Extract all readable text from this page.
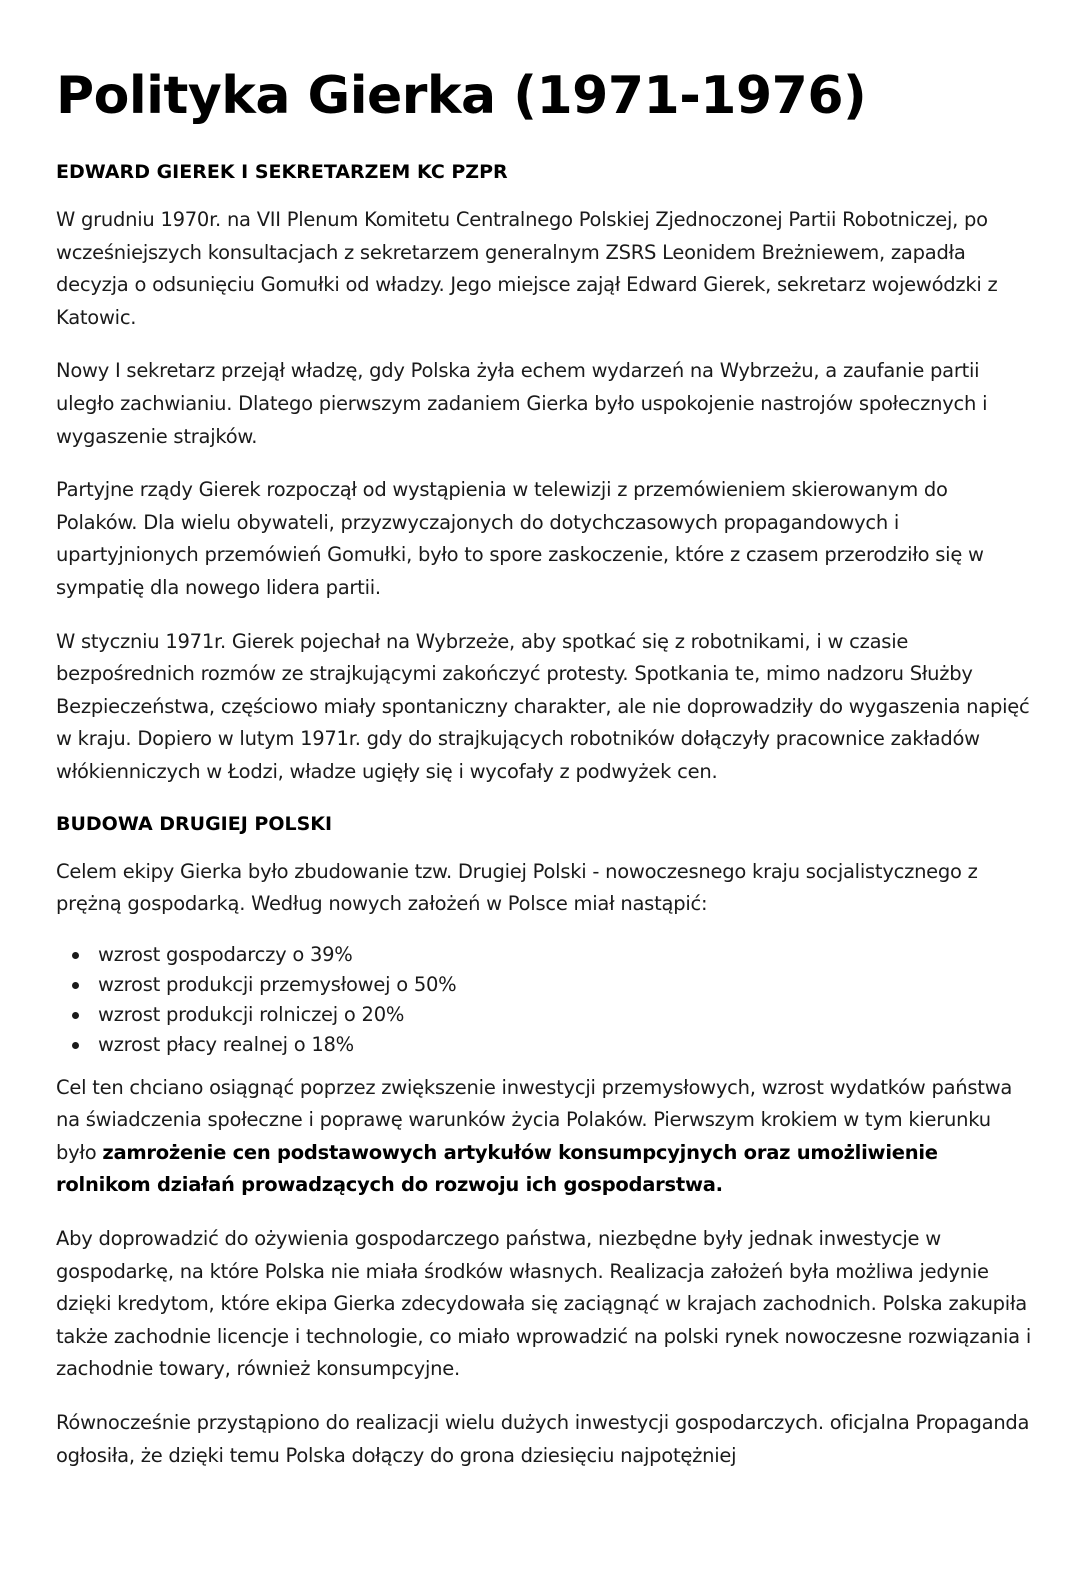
Polityka Gierka (1971-1976)
EDWARD GIEREK I SEKRETARZEM KC PZPR

W grudniu 1970r. na VII Plenum Komitetu Centralnego Polskiej Zjednoczonej Partii Robotniczej, po wcześniejszych konsultacjach z sekretarzem generalnym ZSRS Leonidem Breżniewem, zapadła decyzja o odsunięciu Gomułki od władzy. Jego miejsce zajął Edward Gierek, sekretarz wojewódzki z Katowic.

Nowy I sekretarz przejął władzę, gdy Polska żyła echem wydarzeń na Wybrzeżu, a zaufanie partii uległo zachwianiu. Dlatego pierwszym zadaniem Gierka było uspokojenie nastrojów społecznych i wygaszenie strajków.

Partyjne rządy Gierek rozpoczął od wystąpienia w telewizji z przemówieniem skierowanym do Polaków. Dla wielu obywateli, przyzwyczajonych do dotychczasowych propagandowych i upartyjnionych przemówień Gomułki, było to spore zaskoczenie, które z czasem przerodziło się w sympatię dla nowego lidera partii.

W styczniu 1971r. Gierek pojechał na Wybrzeże, aby spotkać się z robotnikami, i w czasie bezpośrednich rozmów ze strajkującymi zakończyć protesty. Spotkania te, mimo nadzoru Służby Bezpieczeństwa, częściowo miały spontaniczny charakter, ale nie doprowadziły do wygaszenia napięć w kraju. Dopiero w lutym 1971r. gdy do strajkujących robotników dołączyły pracownice zakładów włókienniczych w Łodzi, władze ugięły się i wycofały z podwyżek cen.

BUDOWA DRUGIEJ POLSKI

Celem ekipy Gierka było zbudowanie tzw. Drugiej Polski - nowoczesnego kraju socjalistycznego z prężną gospodarką. Według nowych założeń w Polsce miał nastąpić:

wzrost gospodarczy o 39%
wzrost produkcji przemysłowej o 50%
wzrost produkcji rolniczej o 20%
wzrost płacy realnej o 18%

Cel ten chciano osiągnąć poprzez zwiększenie inwestycji przemysłowych, wzrost wydatków państwa na świadczenia społeczne i poprawę warunków życia Polaków. Pierwszym krokiem w tym kierunku było zamrożenie cen podstawowych artykułów konsumpcyjnych oraz umożliwienie rolnikom działań prowadzących do rozwoju ich gospodarstwa.

Aby doprowadzić do ożywienia gospodarczego państwa, niezbędne były jednak inwestycje w gospodarkę, na które Polska nie miała środków własnych. Realizacja założeń była możliwa jedynie dzięki kredytom, które ekipa Gierka zdecydowała się zaciągnąć w krajach zachodnich. Polska zakupiła także zachodnie licencje i technologie, co miało wprowadzić na polski rynek nowoczesne rozwiązania i zachodnie towary, również konsumpcyjne.

Równocześnie przystąpiono do realizacji wielu dużych inwestycji gospodarczych. oficjalna Propaganda ogłosiła, że dzięki temu Polska dołączy do grona dziesięciu najpotężniej
